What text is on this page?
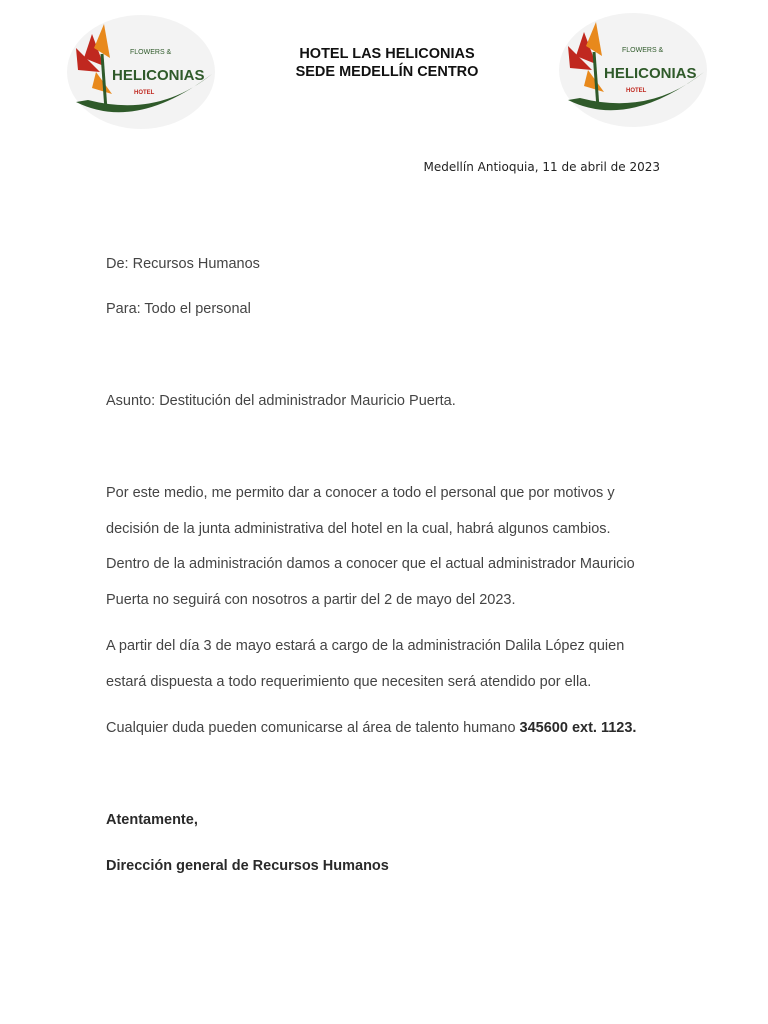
FLOWERS &
HELICONIAS
HOTEL
HOTEL LAS HELICONIAS
SEDE MEDELLÍN CENTRO
FLOWERS &
HELICONIAS
HOTEL
Medellín Antioquia, 11 de abril de 2023
De: Recursos Humanos
Para: Todo el personal
Asunto: Destitución del administrador Mauricio Puerta.
Por este medio, me permito dar a conocer a todo el personal que por motivos y
decisión de la junta administrativa del hotel en la cual, habrá algunos cambios.
Dentro de la administración damos a conocer que el actual administrador Mauricio
Puerta no seguirá con nosotros a partir del 2 de mayo del 2023.
A partir del día 3 de mayo estará a cargo de la administración Dalila López quien
estará dispuesta a todo requerimiento que necesiten será atendido por ella.
Cualquier duda pueden comunicarse al área de talento humano 345600 ext. 1123.
Atentamente,
Dirección general de Recursos Humanos
